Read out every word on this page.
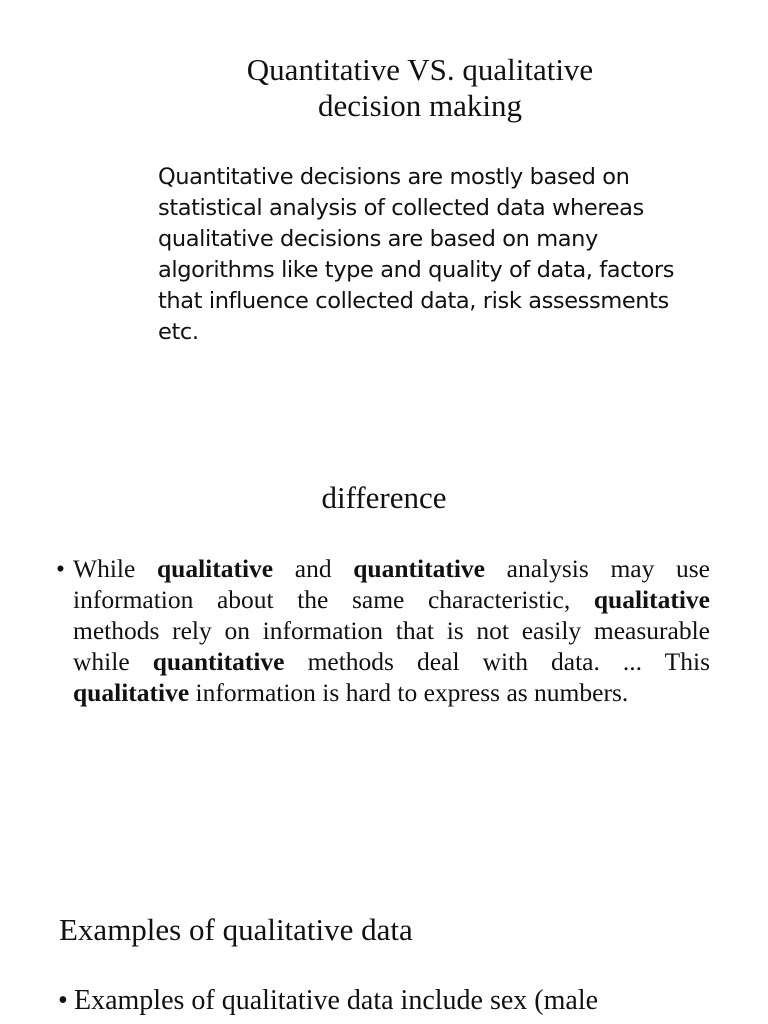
Quantitative VS. qualitative
decision making
Quantitative decisions are mostly based on statistical analysis of collected data whereas qualitative decisions are based on many algorithms like type and quality of data, factors that influence collected data, risk assessments etc.
difference
• While qualitative and quantitative analysis may use information about the same characteristic, qualitative methods rely on information that is not easily measurable while quantitative methods deal with data. ... This qualitative information is hard to express as numbers.
Examples of qualitative data
• Examples of qualitative data include sex (male
